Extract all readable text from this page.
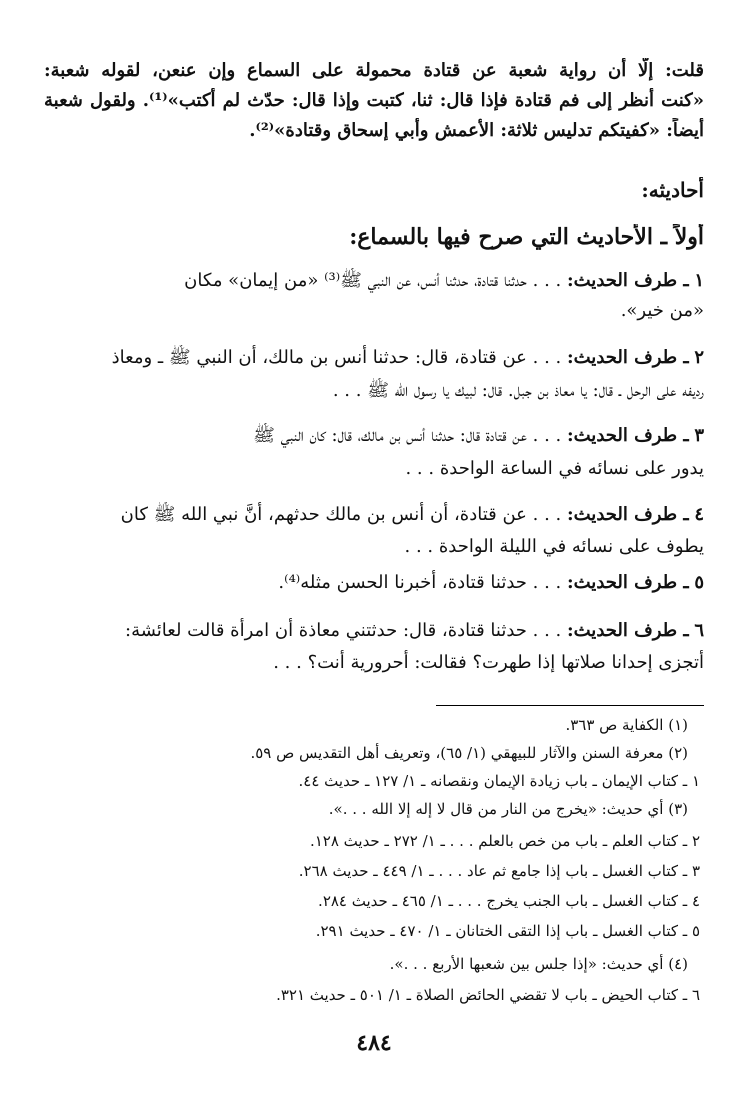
قلت: إلّا أن رواية شعبة عن قتادة محمولة على السماع وإن عنعن، لقوله شعبة:
«كنت أنظر إلى فم قتادة فإذا قال: ثنا، كتبت وإذا قال: حدّث لم أكتب»⁽¹⁾. ولقول شعبة
أيضاً: «كفيتكم تدليس ثلاثة: الأعمش وأبي إسحاق وقتادة»⁽²⁾.
أحاديثه:
أولاً ـ الأحاديث التي صرح فيها بالسماع:
١ ـ طرف الحديث: . . . حدثنا قتادة، حدثنا أنس، عن النبي ﷺ⁽³⁾ «من إيمان» مكان
«من خير».
٢ ـ طرف الحديث: . . . عن قتادة، قال: حدثنا أنس بن مالك، أن النبي ﷺ ـ ومعاذ
رديفه على الرحل ـ قال: يا معاذ بن جبل. قال: لبيك يا رسول الله ﷺ . . .
٣ ـ طرف الحديث: . . . عن قتادة قال: حدثنا أنس بن مالك، قال: كان النبي ﷺ
يدور على نسائه في الساعة الواحدة . . .
٤ ـ طرف الحديث: . . . عن قتادة، أن أنس بن مالك حدثهم، أنَّ نبي الله ﷺ كان
يطوف على نسائه في الليلة الواحدة . . .
٥ ـ طرف الحديث: . . . حدثنا قتادة، أخبرنا الحسن مثله⁽⁴⁾.
٦ ـ طرف الحديث: . . . حدثنا قتادة، قال: حدثتني معاذة أن امرأة قالت لعائشة:
أتجزى إحدانا صلاتها إذا طهرت؟ فقالت: أحرورية أنت؟ . . .
(١) الكفاية ص ٣٦٣.
(٢) معرفة السنن والآثار للبيهقي (١/ ٦٥)، وتعريف أهل التقديس ص ٥٩.
١ ـ كتاب الإيمان ـ باب زيادة الإيمان ونقصانه ـ ١/ ١٢٧ ـ حديث ٤٤.
(٣) أي حديث: «يخرج من النار من قال لا إله إلا الله . . .».
٢ ـ كتاب العلم ـ باب من خص بالعلم . . . ـ ١/ ٢٧٢ ـ حديث ١٢٨.
٣ ـ كتاب الغسل ـ باب إذا جامع ثم عاد . . . ـ ١/ ٤٤٩ ـ حديث ٢٦٨.
٤ ـ كتاب الغسل ـ باب الجنب يخرج . . . ـ ١/ ٤٦٥ ـ حديث ٢٨٤.
٥ ـ كتاب الغسل ـ باب إذا التقى الختانان ـ ١/ ٤٧٠ ـ حديث ٢٩١.
(٤) أي حديث: «إذا جلس بين شعبها الأربع . . .».
٦ ـ كتاب الحيض ـ باب لا تقضي الحائض الصلاة ـ ١/ ٥٠١ ـ حديث ٣٢١.
٤٨٤
